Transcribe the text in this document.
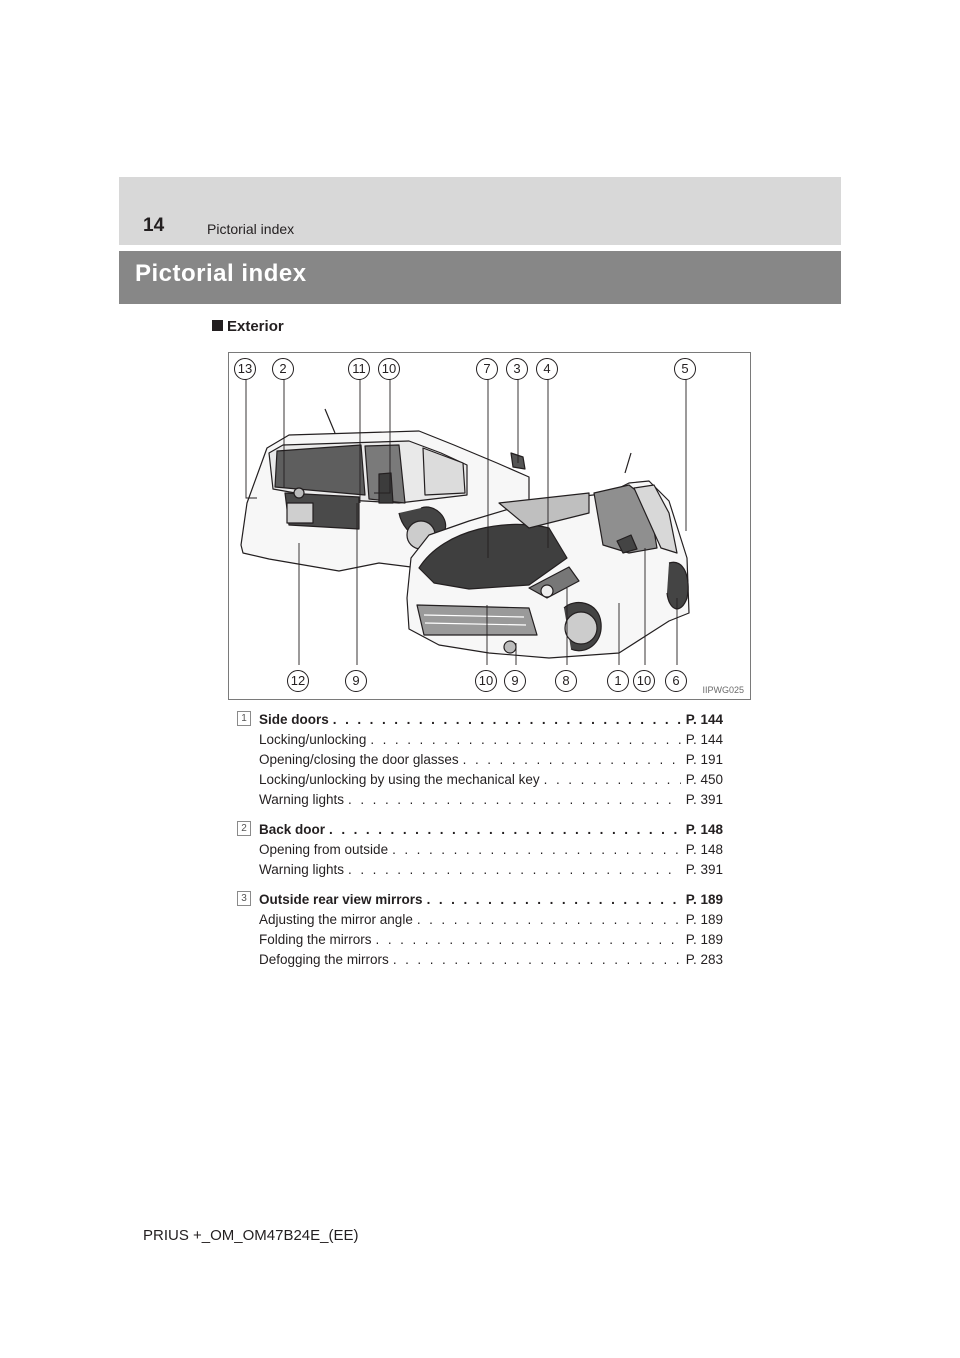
14	Pictorial index
Pictorial index
Exterior
13	2	11	10	7	3	4	5
12	9	10	9	8	1	10	6
IIPWG025
1 Side doors . . .	P. 144
Locking/unlocking . . .	P. 144
Opening/closing the door glasses . . .	P. 191
Locking/unlocking by using the mechanical key . . .	P. 450
Warning lights . . .	P. 391
2 Back door . . .	P. 148
Opening from outside . . .	P. 148
Warning lights . . .	P. 391
3 Outside rear view mirrors . . .	P. 189
Adjusting the mirror angle . . .	P. 189
Folding the mirrors . . .	P. 189
Defogging the mirrors . . .	P. 283
PRIUS +_OM_OM47B24E_(EE)
